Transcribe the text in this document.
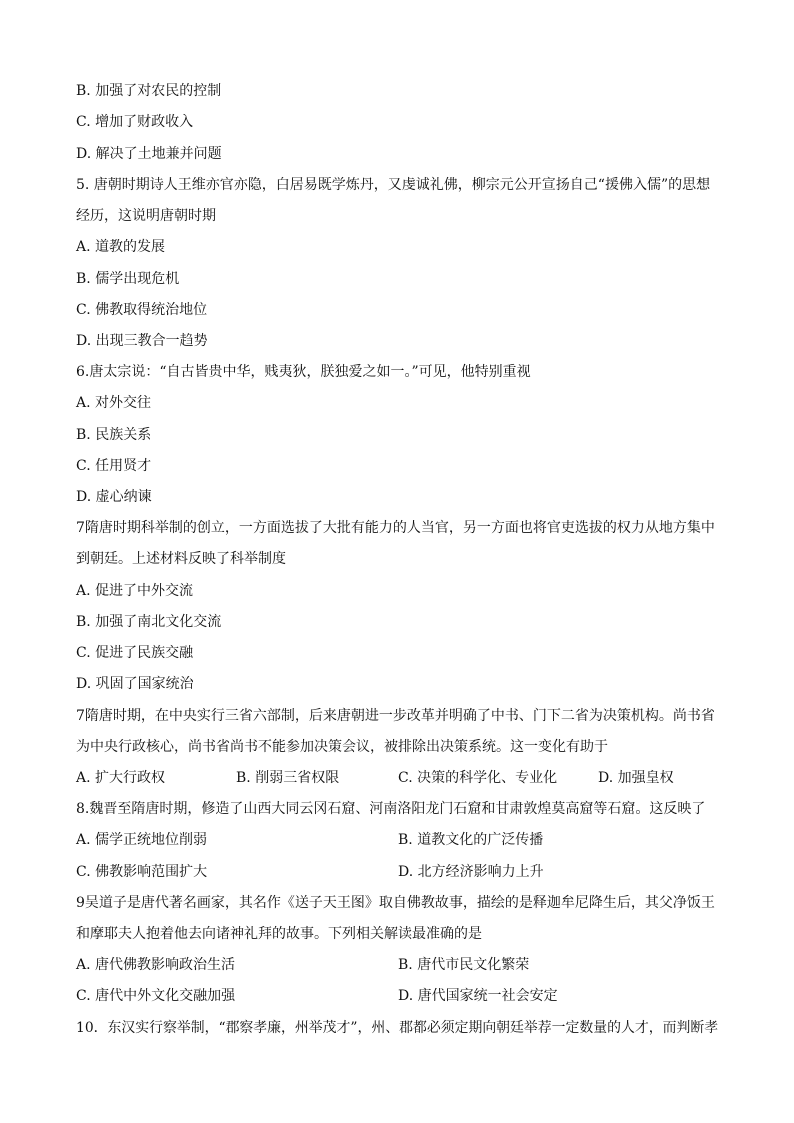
B. 加强了对农民的控制
C. 增加了财政收入
D. 解决了土地兼并问题
5. 唐朝时期诗人王维亦官亦隐，白居易既学炼丹，又虔诚礼佛，柳宗元公开宣扬自己“援佛入儒”的思想
经历，这说明唐朝时期
A. 道教的发展
B. 儒学出现危机
C. 佛教取得统治地位
D. 出现三教合一趋势
6.唐太宗说：“自古皆贵中华，贱夷狄，朕独爱之如一。”可见，他特别重视
A. 对外交往
B. 民族关系
C. 任用贤才
D. 虚心纳谏
7隋唐时期科举制的创立，一方面选拔了大批有能力的人当官，另一方面也将官吏选拔的权力从地方集中
到朝廷。上述材料反映了科举制度
A. 促进了中外交流
B. 加强了南北文化交流
C. 促进了民族交融
D. 巩固了国家统治
7隋唐时期，在中央实行三省六部制，后来唐朝进一步改革并明确了中书、门下二省为决策机构。尚书省
为中央行政核心，尚书省尚书不能参加决策会议，被排除出决策系统。这一变化有助于
A. 扩大行政权	B. 削弱三省权限	C. 决策的科学化、专业化	D. 加强皇权
8.魏晋至隋唐时期，修造了山西大同云冈石窟、河南洛阳龙门石窟和甘肃敦煌莫高窟等石窟。这反映了
A. 儒学正统地位削弱	B. 道教文化的广泛传播
C. 佛教影响范围扩大	D. 北方经济影响力上升
9吴道子是唐代著名画家，其名作《送子天王图》取自佛教故事，描绘的是释迦牟尼降生后，其父净饭王
和摩耶夫人抱着他去向诸神礼拜的故事。下列相关解读最准确的是
A. 唐代佛教影响政治生活	B. 唐代市民文化繁荣
C. 唐代中外文化交融加强	D. 唐代国家统一社会安定
10．东汉实行察举制，“郡察孝廉，州举茂才”，州、郡都必须定期向朝廷举荐一定数量的人才，而判断孝
